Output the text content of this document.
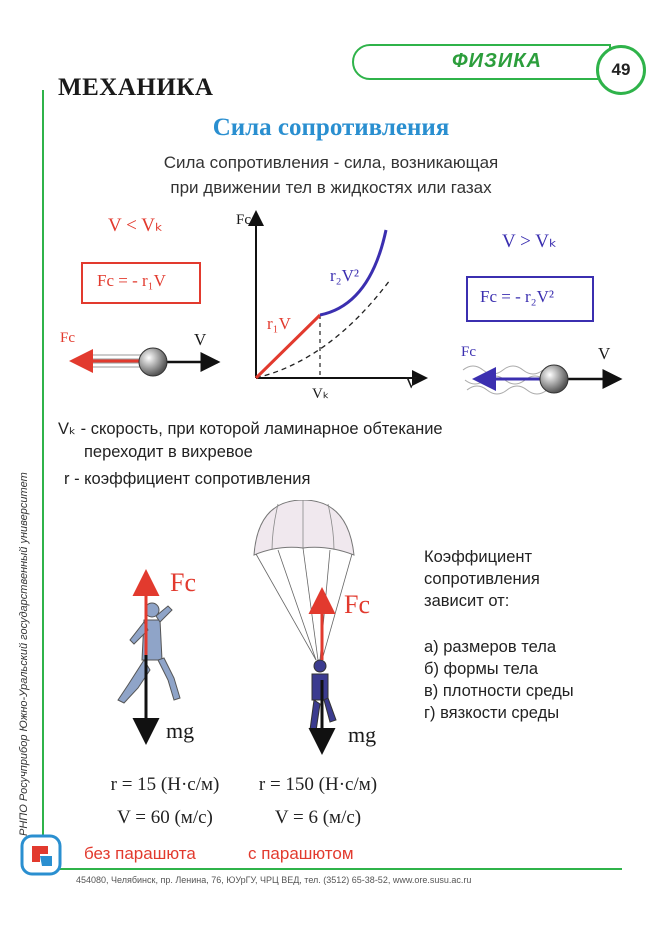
ФИЗИКА	49
МЕХАНИКА
Сила сопротивления
Сила сопротивления - сила, возникающая
при движении тел в жидкостях или газах
V < Vₖ
Fc = - r₁V
Fc	V
Fc
V
Vₖ
r₁V
r₂V²
V > Vₖ
Fc = - r₂V²
Fc	V
Vₖ - скорость, при которой ламинарное обтекание
переходит в вихревое
r - коэффициент сопротивления
Fc
mg
Fc
mg
Коэффициент
сопротивления
зависит от:
а) размеров тела
б) формы тела
в) плотности среды
г) вязкости среды
r = 15 (Н·с/м)
V = 60 (м/с)
r = 150 (Н·с/м)
V = 6 (м/с)
без парашюта	с парашютом
РНПО Росучприбор Южно-Уральский государственный университет
454080, Челябинск, пр. Ленина, 76, ЮУрГУ, ЧРЦ ВЕД, тел. (3512) 65-38-52, www.ore.susu.ac.ru
